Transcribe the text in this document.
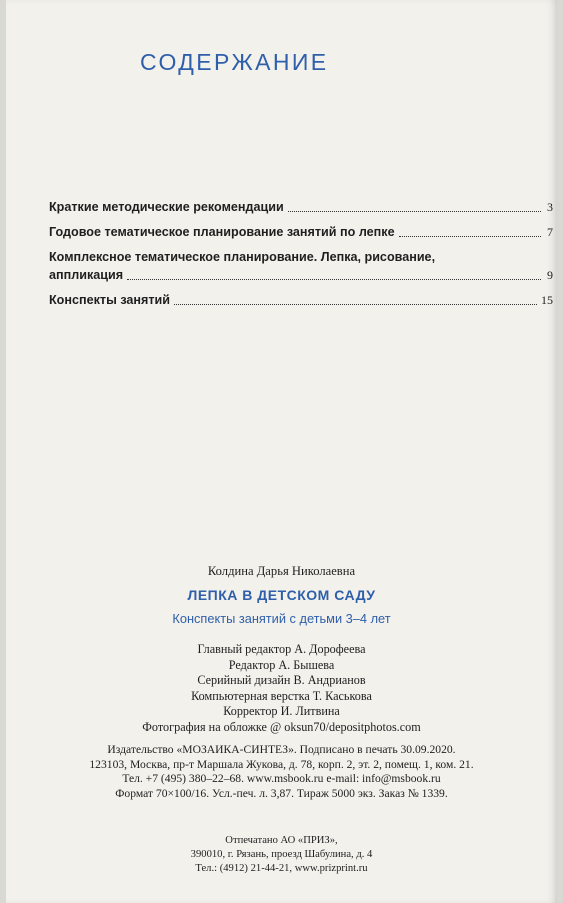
СОДЕРЖАНИЕ
Краткие методические рекомендации	3
Годовое тематическое планирование занятий по лепке	7
Комплексное тематическое планирование. Лепка, рисование,
аппликация	9
Конспекты занятий	15
Колдина Дарья Николаевна
ЛЕПКА В ДЕТСКОМ САДУ
Конспекты занятий с детьми 3–4 лет
Главный редактор А. Дорофеева
Редактор А. Бышева
Серийный дизайн В. Андрианов
Компьютерная верстка Т. Каськова
Корректор И. Литвина
Фотография на обложке @ oksun70/depositphotos.com
Издательство «МОЗАИКА-СИНТЕЗ». Подписано в печать 30.09.2020.
123103, Москва, пр-т Маршала Жукова, д. 78, корп. 2, эт. 2, помещ. 1, ком. 21.
Тел. +7 (495) 380–22–68. www.msbook.ru e-mail: info@msbook.ru
Формат 70×100/16. Усл.-печ. л. 3,87. Тираж 5000 экз. Заказ № 1339.
Отпечатано АО «ПРИЗ»,
390010, г. Рязань, проезд Шабулина, д. 4
Тел.: (4912) 21-44-21, www.prizprint.ru
